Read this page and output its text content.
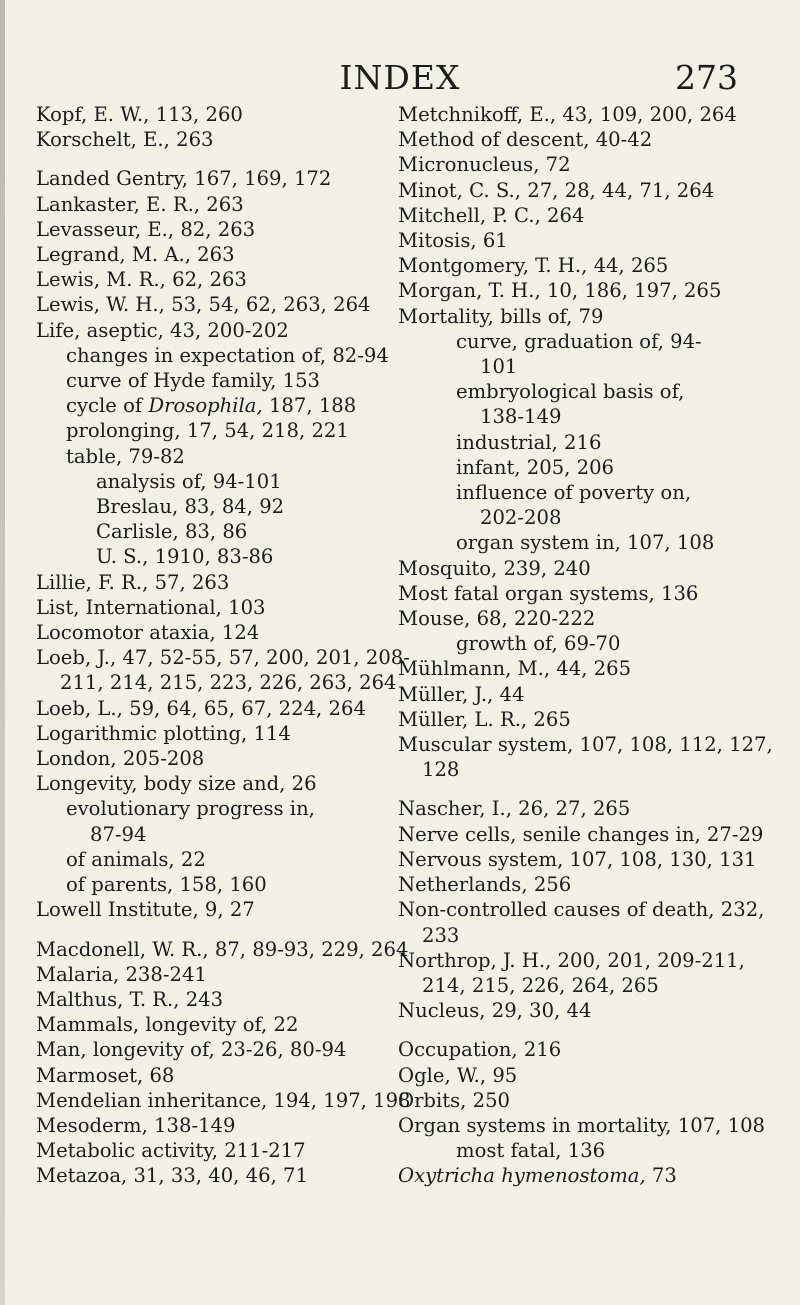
INDEX	273
Kopf, E. W., 113, 260
Korschelt, E., 263
Landed Gentry, 167, 169, 172
Lankaster, E. R., 263
Levasseur, E., 82, 263
Legrand, M. A., 263
Lewis, M. R., 62, 263
Lewis, W. H., 53, 54, 62, 263, 264
Life, aseptic, 43, 200-202
changes in expectation of, 82-94
curve of Hyde family, 153
cycle of Drosophila, 187, 188
prolonging, 17, 54, 218, 221
table, 79-82
analysis of, 94-101
Breslau, 83, 84, 92
Carlisle, 83, 86
U. S., 1910, 83-86
Lillie, F. R., 57, 263
List, International, 103
Locomotor ataxia, 124
Loeb, J., 47, 52-55, 57, 200, 201, 208-
211, 214, 215, 223, 226, 263, 264
Loeb, L., 59, 64, 65, 67, 224, 264
Logarithmic plotting, 114
London, 205-208
Longevity, body size and, 26
evolutionary progress in,
87-94
of animals, 22
of parents, 158, 160
Lowell Institute, 9, 27
Macdonell, W. R., 87, 89-93, 229, 264
Malaria, 238-241
Malthus, T. R., 243
Mammals, longevity of, 22
Man, longevity of, 23-26, 80-94
Marmoset, 68
Mendelian inheritance, 194, 197, 198
Mesoderm, 138-149
Metabolic activity, 211-217
Metazoa, 31, 33, 40, 46, 71
Metchnikoff, E., 43, 109, 200, 264
Method of descent, 40-42
Micronucleus, 72
Minot, C. S., 27, 28, 44, 71, 264
Mitchell, P. C., 264
Mitosis, 61
Montgomery, T. H., 44, 265
Morgan, T. H., 10, 186, 197, 265
Mortality, bills of, 79
curve, graduation of, 94-
101
embryological basis of,
138-149
industrial, 216
infant, 205, 206
influence of poverty on,
202-208
organ system in, 107, 108
Mosquito, 239, 240
Most fatal organ systems, 136
Mouse, 68, 220-222
growth of, 69-70
Mühlmann, M., 44, 265
Müller, J., 44
Müller, L. R., 265
Muscular system, 107, 108, 112, 127,
128
Nascher, I., 26, 27, 265
Nerve cells, senile changes in, 27-29
Nervous system, 107, 108, 130, 131
Netherlands, 256
Non-controlled causes of death, 232,
233
Northrop, J. H., 200, 201, 209-211,
214, 215, 226, 264, 265
Nucleus, 29, 30, 44
Occupation, 216
Ogle, W., 95
Orbits, 250
Organ systems in mortality, 107, 108
most fatal, 136
Oxytricha hymenostoma, 73
